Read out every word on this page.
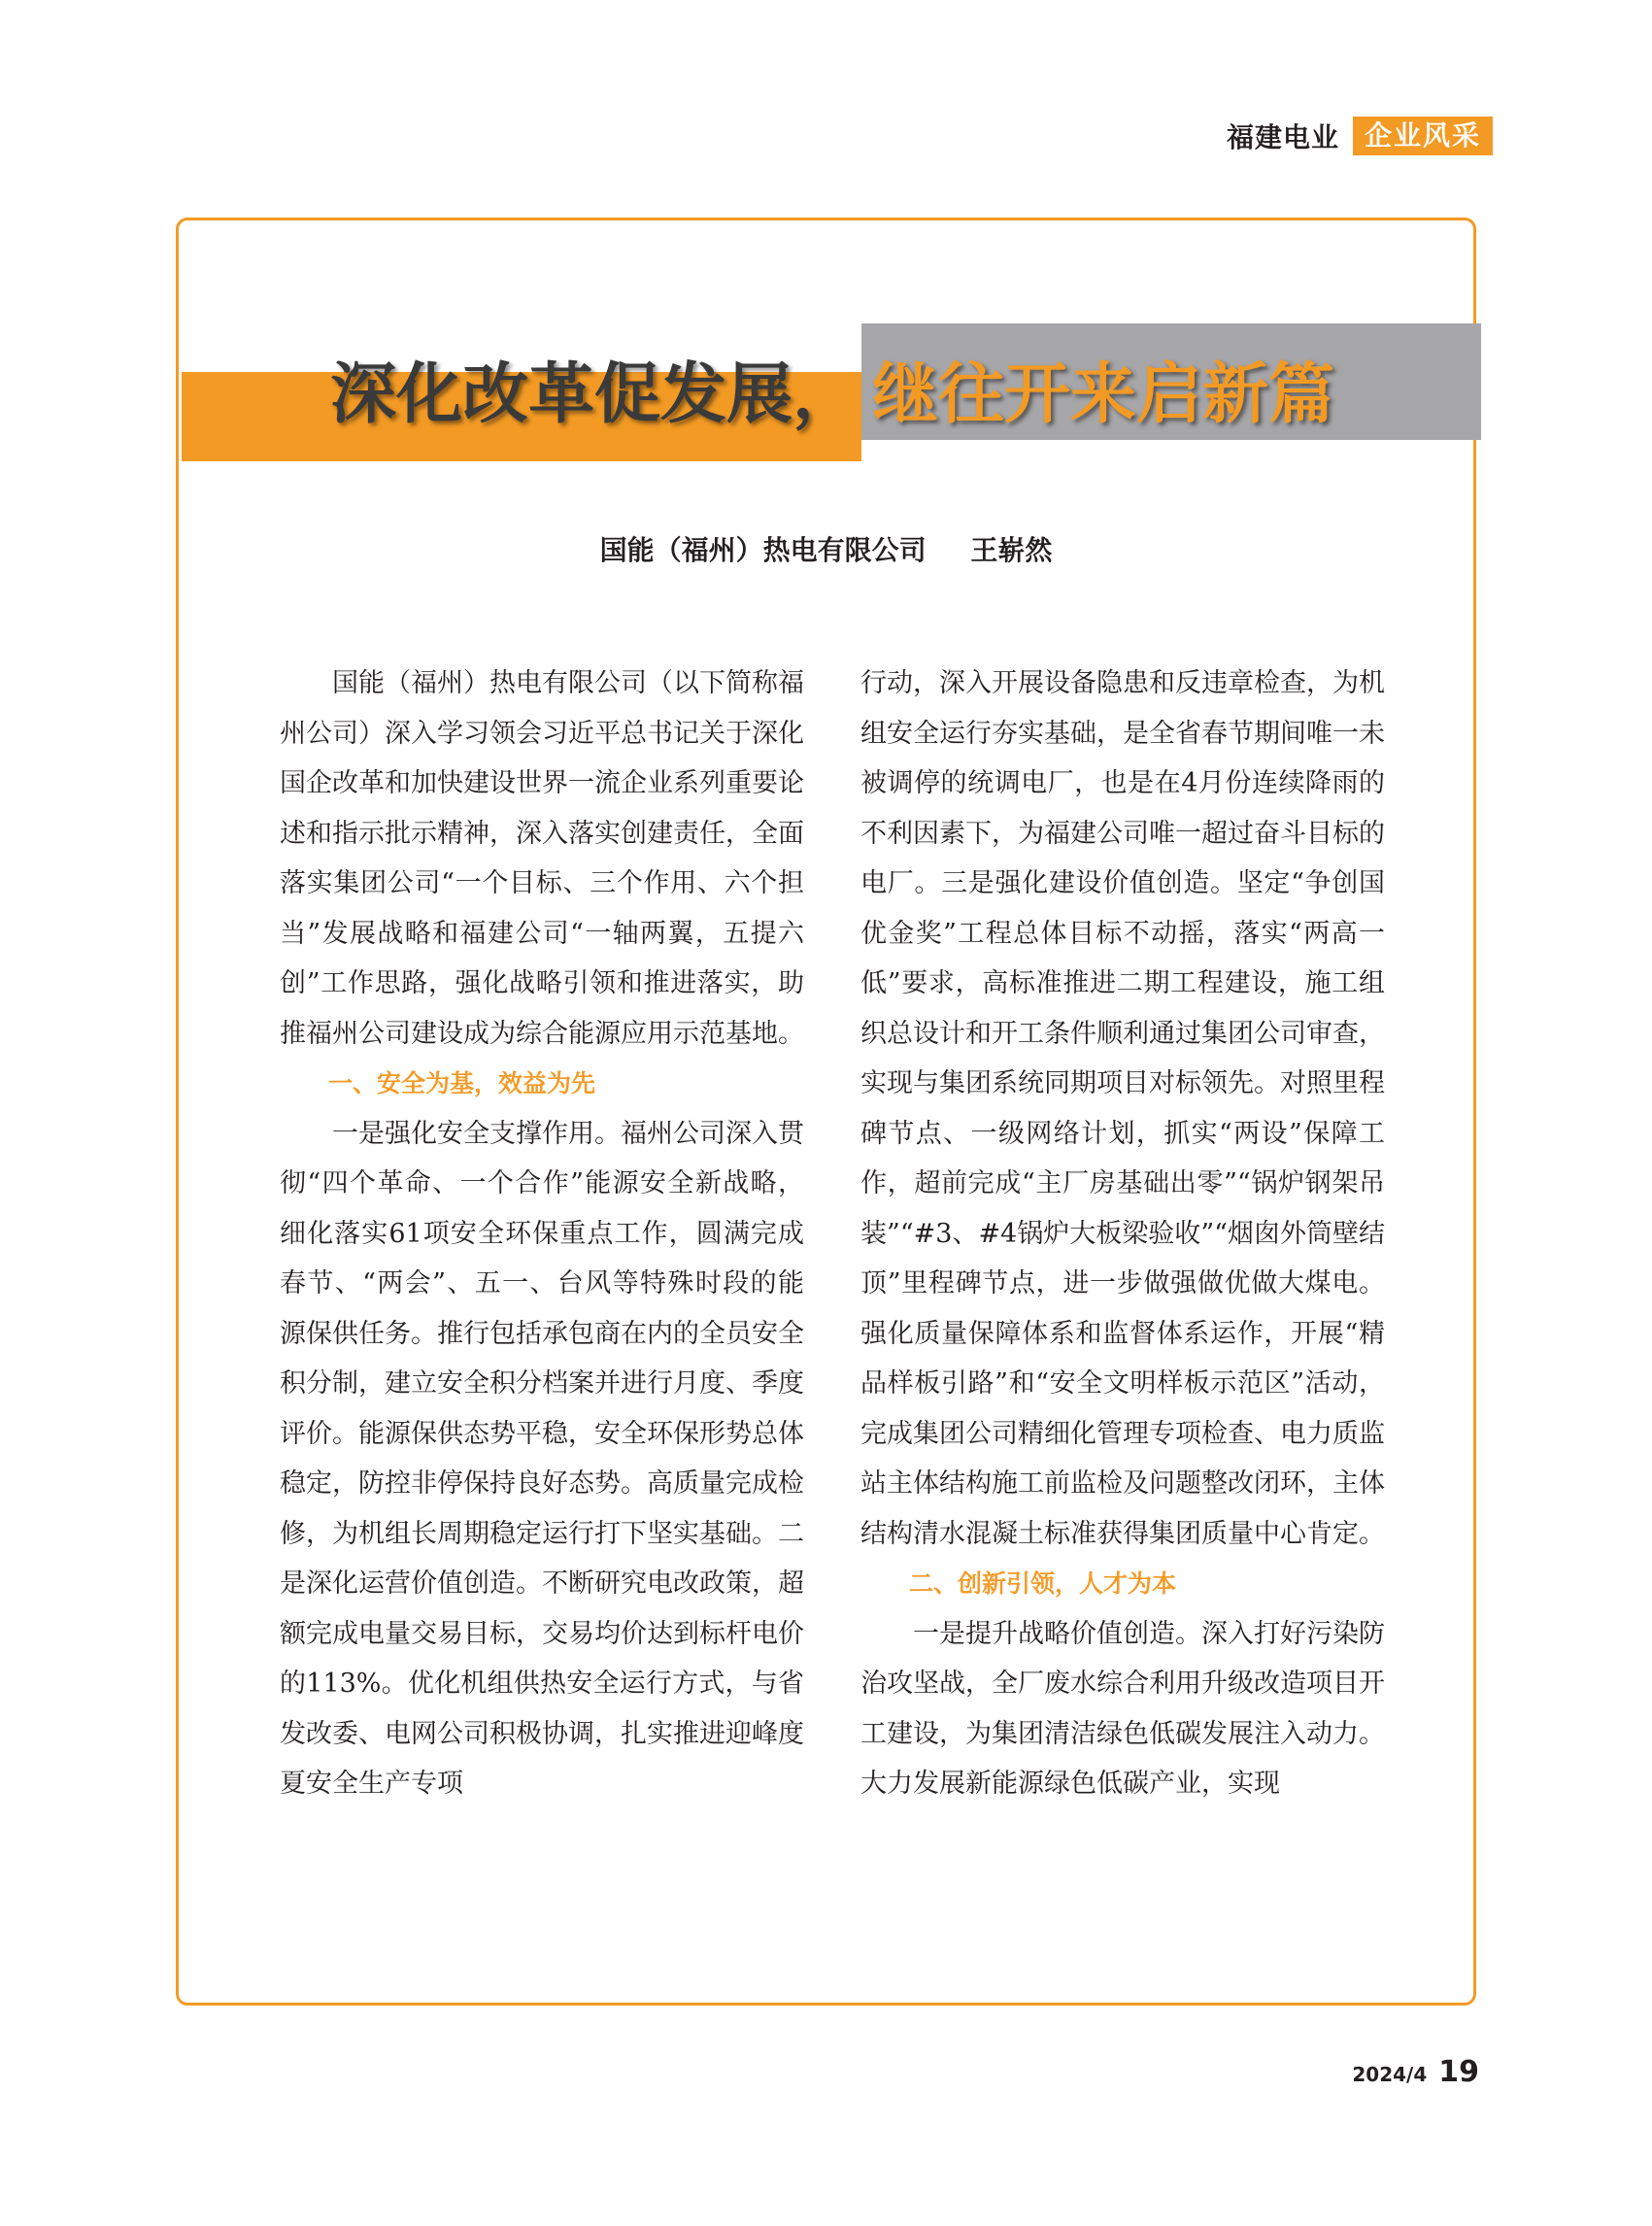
福建电业 企业风采
深化改革促发展， 继往开来启新篇
国能（福州）热电有限公司 王崭然

国能（福州）热电有限公司（以下简称福州公司）深入学习领会习近平总书记关于深化国企改革和加快建设世界一流企业系列重要论述和指示批示精神，深入落实创建责任，全面落实集团公司“一个目标、三个作用、六个担当”发展战略和福建公司“一轴两翼，五提六创”工作思路，强化战略引领和推进落实，助推福州公司建设成为综合能源应用示范基地。

一、安全为基，效益为先

一是强化安全支撑作用。福州公司深入贯彻“四个革命、一个合作”能源安全新战略，细化落实61项安全环保重点工作，圆满完成春节、“两会”、五一、台风等特殊时段的能源保供任务。推行包括承包商在内的全员安全积分制，建立安全积分档案并进行月度、季度评价。能源保供态势平稳，安全环保形势总体稳定，防控非停保持良好态势。高质量完成检修，为机组长周期稳定运行打下坚实基础。二是深化运营价值创造。不断研究电改政策，超额完成电量交易目标，交易均价达到标杆电价的113%。优化机组供热安全运行方式，与省发改委、电网公司积极协调，扎实推进迎峰度夏安全生产专项

行动，深入开展设备隐患和反违章检查，为机组安全运行夯实基础，是全省春节期间唯一未被调停的统调电厂，也是在4月份连续降雨的不利因素下，为福建公司唯一超过奋斗目标的电厂。三是强化建设价值创造。坚定“争创国优金奖”工程总体目标不动摇，落实“两高一低”要求，高标准推进二期工程建设，施工组织总设计和开工条件顺利通过集团公司审查，实现与集团系统同期项目对标领先。对照里程碑节点、一级网络计划，抓实“两设”保障工作，超前完成“主厂房基础出零”“锅炉钢架吊装”“#3、#4锅炉大板梁验收”“烟囱外筒壁结顶”里程碑节点，进一步做强做优做大煤电。强化质量保障体系和监督体系运作，开展“精品样板引路”和“安全文明样板示范区”活动，完成集团公司精细化管理专项检查、电力质监站主体结构施工前监检及问题整改闭环，主体结构清水混凝土标准获得集团质量中心肯定。

二、创新引领，人才为本

一是提升战略价值创造。深入打好污染防治攻坚战，全厂废水综合利用升级改造项目开工建设，为集团清洁绿色低碳发展注入动力。大力发展新能源绿色低碳产业，实现

2024/4 19
